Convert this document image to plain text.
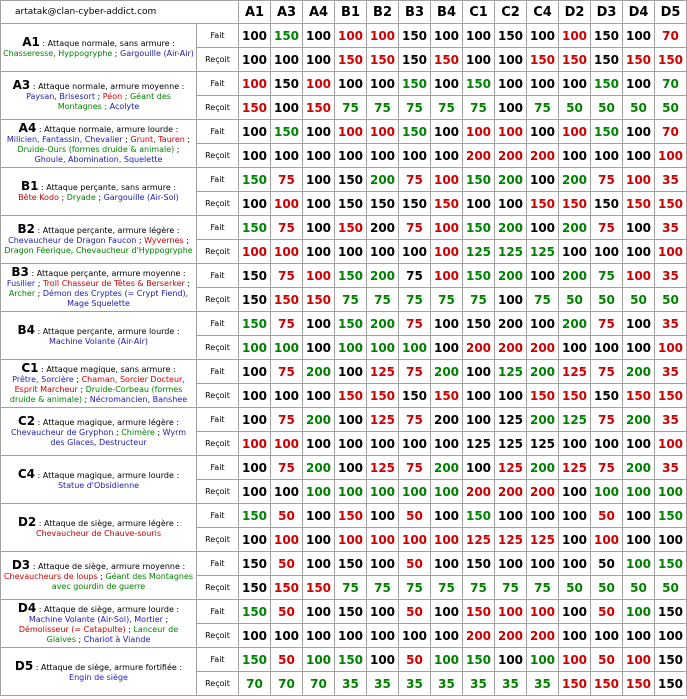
artatak@clan-cyber-addict.com		A1	A3	A4	B1	B2	B3	B4	C1	C2	C4	D2	D3	D4	D5
A1 : Attaque normale, sans armure :
Chasseresse, Hyppogryphe ; Gargouille (Air-Air)	Fait	100	150	100	100	100	150	100	100	150	100	100	150	100	70
	Reçoit	100	100	100	150	150	150	150	100	100	150	150	150	150	150
A3 : Attaque normale, armure moyenne :
Paysan, Brisesort ; Péon ; Géant des Montagnes ; Acolyte	Fait	100	150	100	100	100	150	100	150	100	100	100	150	100	70
	Reçoit	150	100	150	75	75	75	75	75	100	75	50	50	50	50
A4 : Attaque normale, armure lourde :
Milicien, Fantassin, Chevalier ; Grunt, Tauren ; Druide-Ours (formes druide & animale) ; Ghoule, Abomination, Squelette	Fait	100	150	100	100	100	150	100	100	100	100	100	150	100	70
	Reçoit	100	100	100	100	100	100	100	200	200	200	100	100	100	100
B1 : Attaque perçante, sans armure :
Bête Kodo ; Dryade ; Gargouille (Air-Sol)	Fait	150	75	100	150	200	75	100	150	200	100	200	75	100	35
	Reçoit	100	100	100	150	150	150	150	100	100	150	150	150	150	150
B2 : Attaque perçante, armure légère :
Chevaucheur de Dragon Faucon ; Wyvernes ; Dragon Féerique, Chevaucheur d'Hyppogryphe	Fait	150	75	100	150	200	75	100	150	200	100	200	75	100	35
	Reçoit	100	100	100	100	100	100	100	125	125	125	100	100	100	100
B3 : Attaque perçante, armure moyenne :
Fusilier ; Troll Chasseur de Têtes & Berserker ; Archer ; Démon des Cryptes (= Crypt Fiend), Mage Squelette	Fait	150	75	100	150	200	75	100	150	200	100	200	75	100	35
	Reçoit	150	150	150	75	75	75	75	75	100	75	50	50	50	50
B4 : Attaque perçante, armure lourde :
Machine Volante (Air-Air)	Fait	150	75	100	150	200	75	100	150	200	100	200	75	100	35
	Reçoit	100	100	100	100	100	100	100	200	200	200	100	100	100	100
C1 : Attaque magique, sans armure :
Prêtre, Sorcière ; Chaman, Sorcier Docteur, Esprit Marcheur ; Druide-Corbeau (formes druide & animale) ; Nécromancien, Banshee	Fait	100	75	200	100	125	75	200	100	125	200	125	75	200	35
	Reçoit	100	100	100	150	150	150	150	100	100	150	150	150	150	150
C2 : Attaque magique, armure légère :
Chevaucheur de Gryphon ; Chimère ; Wyrm des Glaces, Destructeur	Fait	100	75	200	100	125	75	200	100	125	200	125	75	200	35
	Reçoit	100	100	100	100	100	100	100	125	125	125	100	100	100	100
C4 : Attaque magique, armure lourde :
Statue d'Obsidienne	Fait	100	75	200	100	125	75	200	100	125	200	125	75	200	35
	Reçoit	100	100	100	100	100	100	100	200	200	200	100	100	100	100
D2 : Attaque de siège, armure légère :
Chevaucheur de Chauve-souris	Fait	150	50	100	150	100	50	100	150	100	100	100	50	100	150
	Reçoit	100	100	100	100	100	100	100	125	125	125	100	100	100	100
D3 : Attaque de siège, armure moyenne :
Chevaucheurs de loups ; Géant des Montagnes avec gourdin de guerre	Fait	150	50	100	150	100	50	100	150	100	100	100	50	100	150
	Reçoit	150	150	150	75	75	75	75	75	75	75	50	50	50	50
D4 : Attaque de siège, armure lourde :
Machine Volante (Air-Sol), Mortier ; Démolisseur (= Catapulte) ; Lanceur de Glaives ; Chariot à Viande	Fait	150	50	100	150	100	50	100	150	100	100	100	50	100	150
	Reçoit	100	100	100	100	100	100	100	200	200	200	100	100	100	100
D5 : Attaque de siège, armure fortifiée :
Engin de siège	Fait	150	50	100	150	100	50	100	150	100	100	100	50	100	150
	Reçoit	70	70	70	35	35	35	35	35	35	35	150	150	150	150
